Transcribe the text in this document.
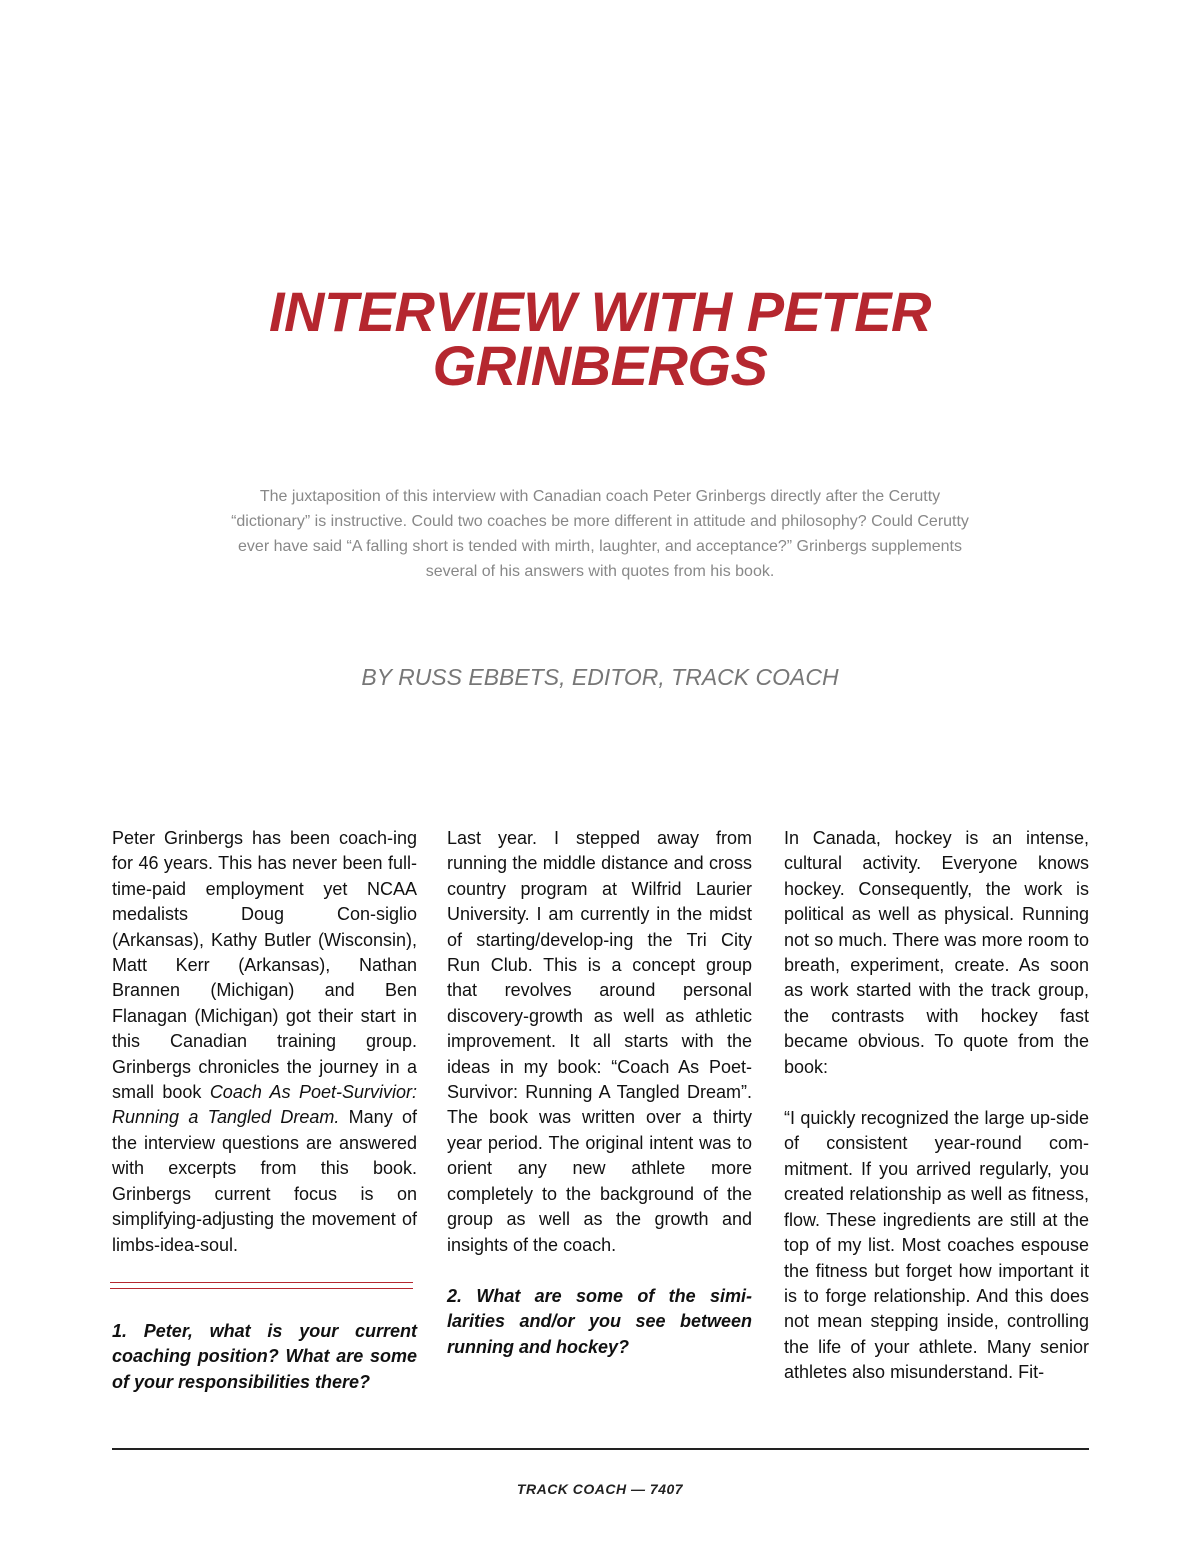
INTERVIEW WITH PETER GRINBERGS

The juxtaposition of this interview with Canadian coach Peter Grinbergs directly after the Cerutty “dictionary” is instructive. Could two coaches be more different in attitude and philosophy? Could Cerutty ever have said “A falling short is tended with mirth, laughter, and acceptance?” Grinbergs supplements several of his answers with quotes from his book.

BY RUSS EBBETS, EDITOR, TRACK COACH

Peter Grinbergs has been coach-ing for 46 years. This has never been full-time-paid employment yet NCAA medalists Doug Con-siglio (Arkansas), Kathy Butler (Wisconsin), Matt Kerr (Arkansas), Nathan Brannen (Michigan) and Ben Flanagan (Michigan) got their start in this Canadian training group. Grinbergs chronicles the journey in a small book Coach As Poet-Survivior: Running a Tangled Dream. Many of the interview questions are answered with excerpts from this book. Grinbergs current focus is on simplifying-adjusting the movement of limbs-idea-soul.

1. Peter, what is your current coaching position? What are some of your responsibilities there?

Last year. I stepped away from running the middle distance and cross country program at Wilfrid Laurier University. I am currently in the midst of starting/develop-ing the Tri City Run Club. This is a concept group that revolves around personal discovery-growth as well as athletic improvement. It all starts with the ideas in my book: “Coach As Poet-Survivor: Running A Tangled Dream”. The book was written over a thirty year period. The original intent was to orient any new athlete more completely to the background of the group as well as the growth and insights of the coach.

2. What are some of the simi-larities and/or you see between running and hockey?

In Canada, hockey is an intense, cultural activity. Everyone knows hockey. Consequently, the work is political as well as physical. Running not so much. There was more room to breath, experiment, create. As soon as work started with the track group, the contrasts with hockey fast became obvious. To quote from the book:

“I quickly recognized the large up-side of consistent year-round com-mitment. If you arrived regularly, you created relationship as well as fitness, flow. These ingredients are still at the top of my list. Most coaches espouse the fitness but forget how important it is to forge relationship. And this does not mean stepping inside, controlling the life of your athlete. Many senior athletes also misunderstand. Fit-

TRACK COACH — 7407
